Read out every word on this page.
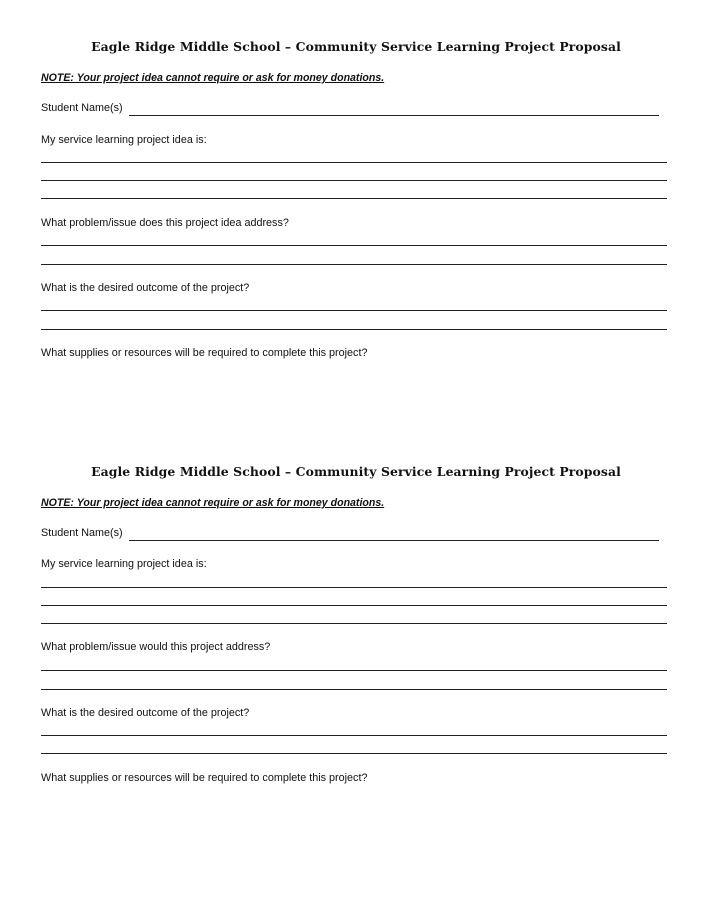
Eagle Ridge Middle School – Community Service Learning Project Proposal
NOTE: Your project idea cannot require or ask for money donations.
Student Name(s)
My service learning project idea is:
What problem/issue does this project idea address?
What is the desired outcome of the project?
What supplies or resources will be required to complete this project?
Eagle Ridge Middle School – Community Service Learning Project Proposal
NOTE: Your project idea cannot require or ask for money donations.
Student Name(s)
My service learning project idea is:
What problem/issue would this project address?
What is the desired outcome of the project?
What supplies or resources will be required to complete this project?
